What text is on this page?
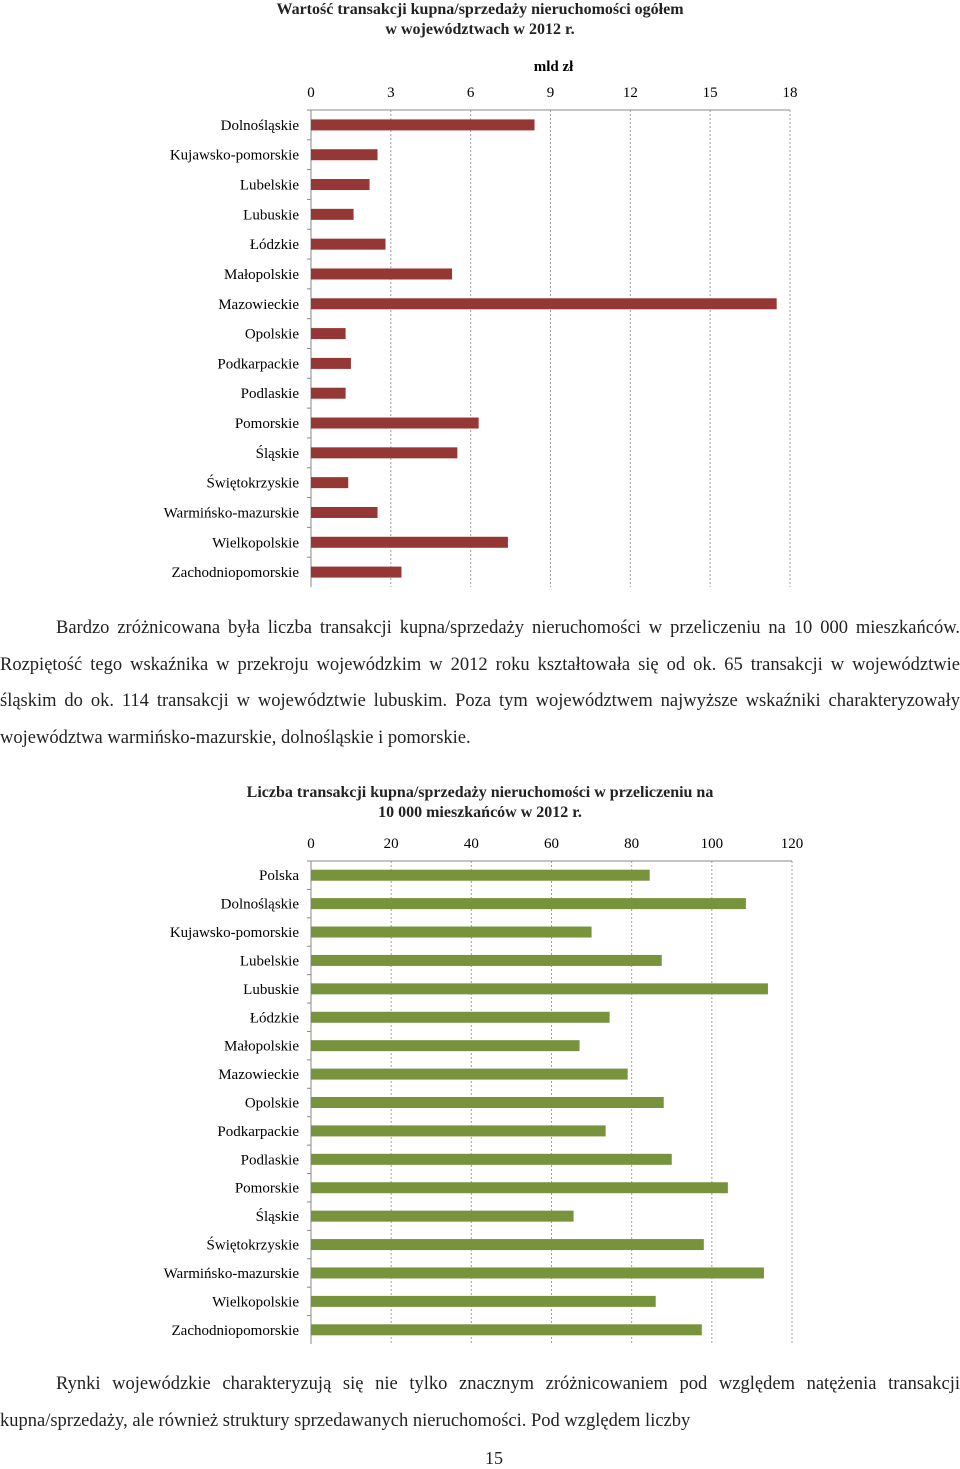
Wartość transakcji kupna/sprzedaży nieruchomości ogółem
w województwach w 2012 r.
mld zł
0	3	6	9	12	15	18
Dolnośląskie
Kujawsko-pomorskie
Lubelskie
Lubuskie
Łódzkie
Małopolskie
Mazowieckie
Opolskie
Podkarpackie
Podlaskie
Pomorskie
Śląskie
Świętokrzyskie
Warmińsko-mazurskie
Wielkopolskie
Zachodniopomorskie
Bardzo zróżnicowana była liczba transakcji kupna/sprzedaży nieruchomości w przeliczeniu na 10 000 mieszkańców. Rozpiętość tego wskaźnika w przekroju wojewódzkim w 2012 roku kształtowała się od ok. 65 transakcji w województwie śląskim do ok. 114 transakcji w województwie lubuskim. Poza tym województwem najwyższe wskaźniki charakteryzowały województwa warmińsko-mazurskie, dolnośląskie i pomorskie.
Liczba transakcji kupna/sprzedaży nieruchomości w przeliczeniu na
10 000 mieszkańców w 2012 r.
0	20	40	60	80	100	120
Polska
Dolnośląskie
Kujawsko-pomorskie
Lubelskie
Lubuskie
Łódzkie
Małopolskie
Mazowieckie
Opolskie
Podkarpackie
Podlaskie
Pomorskie
Śląskie
Świętokrzyskie
Warmińsko-mazurskie
Wielkopolskie
Zachodniopomorskie
Rynki wojewódzkie charakteryzują się nie tylko znacznym zróżnicowaniem pod względem natężenia transakcji kupna/sprzedaży, ale również struktury sprzedawanych nieruchomości. Pod względem liczby
15
